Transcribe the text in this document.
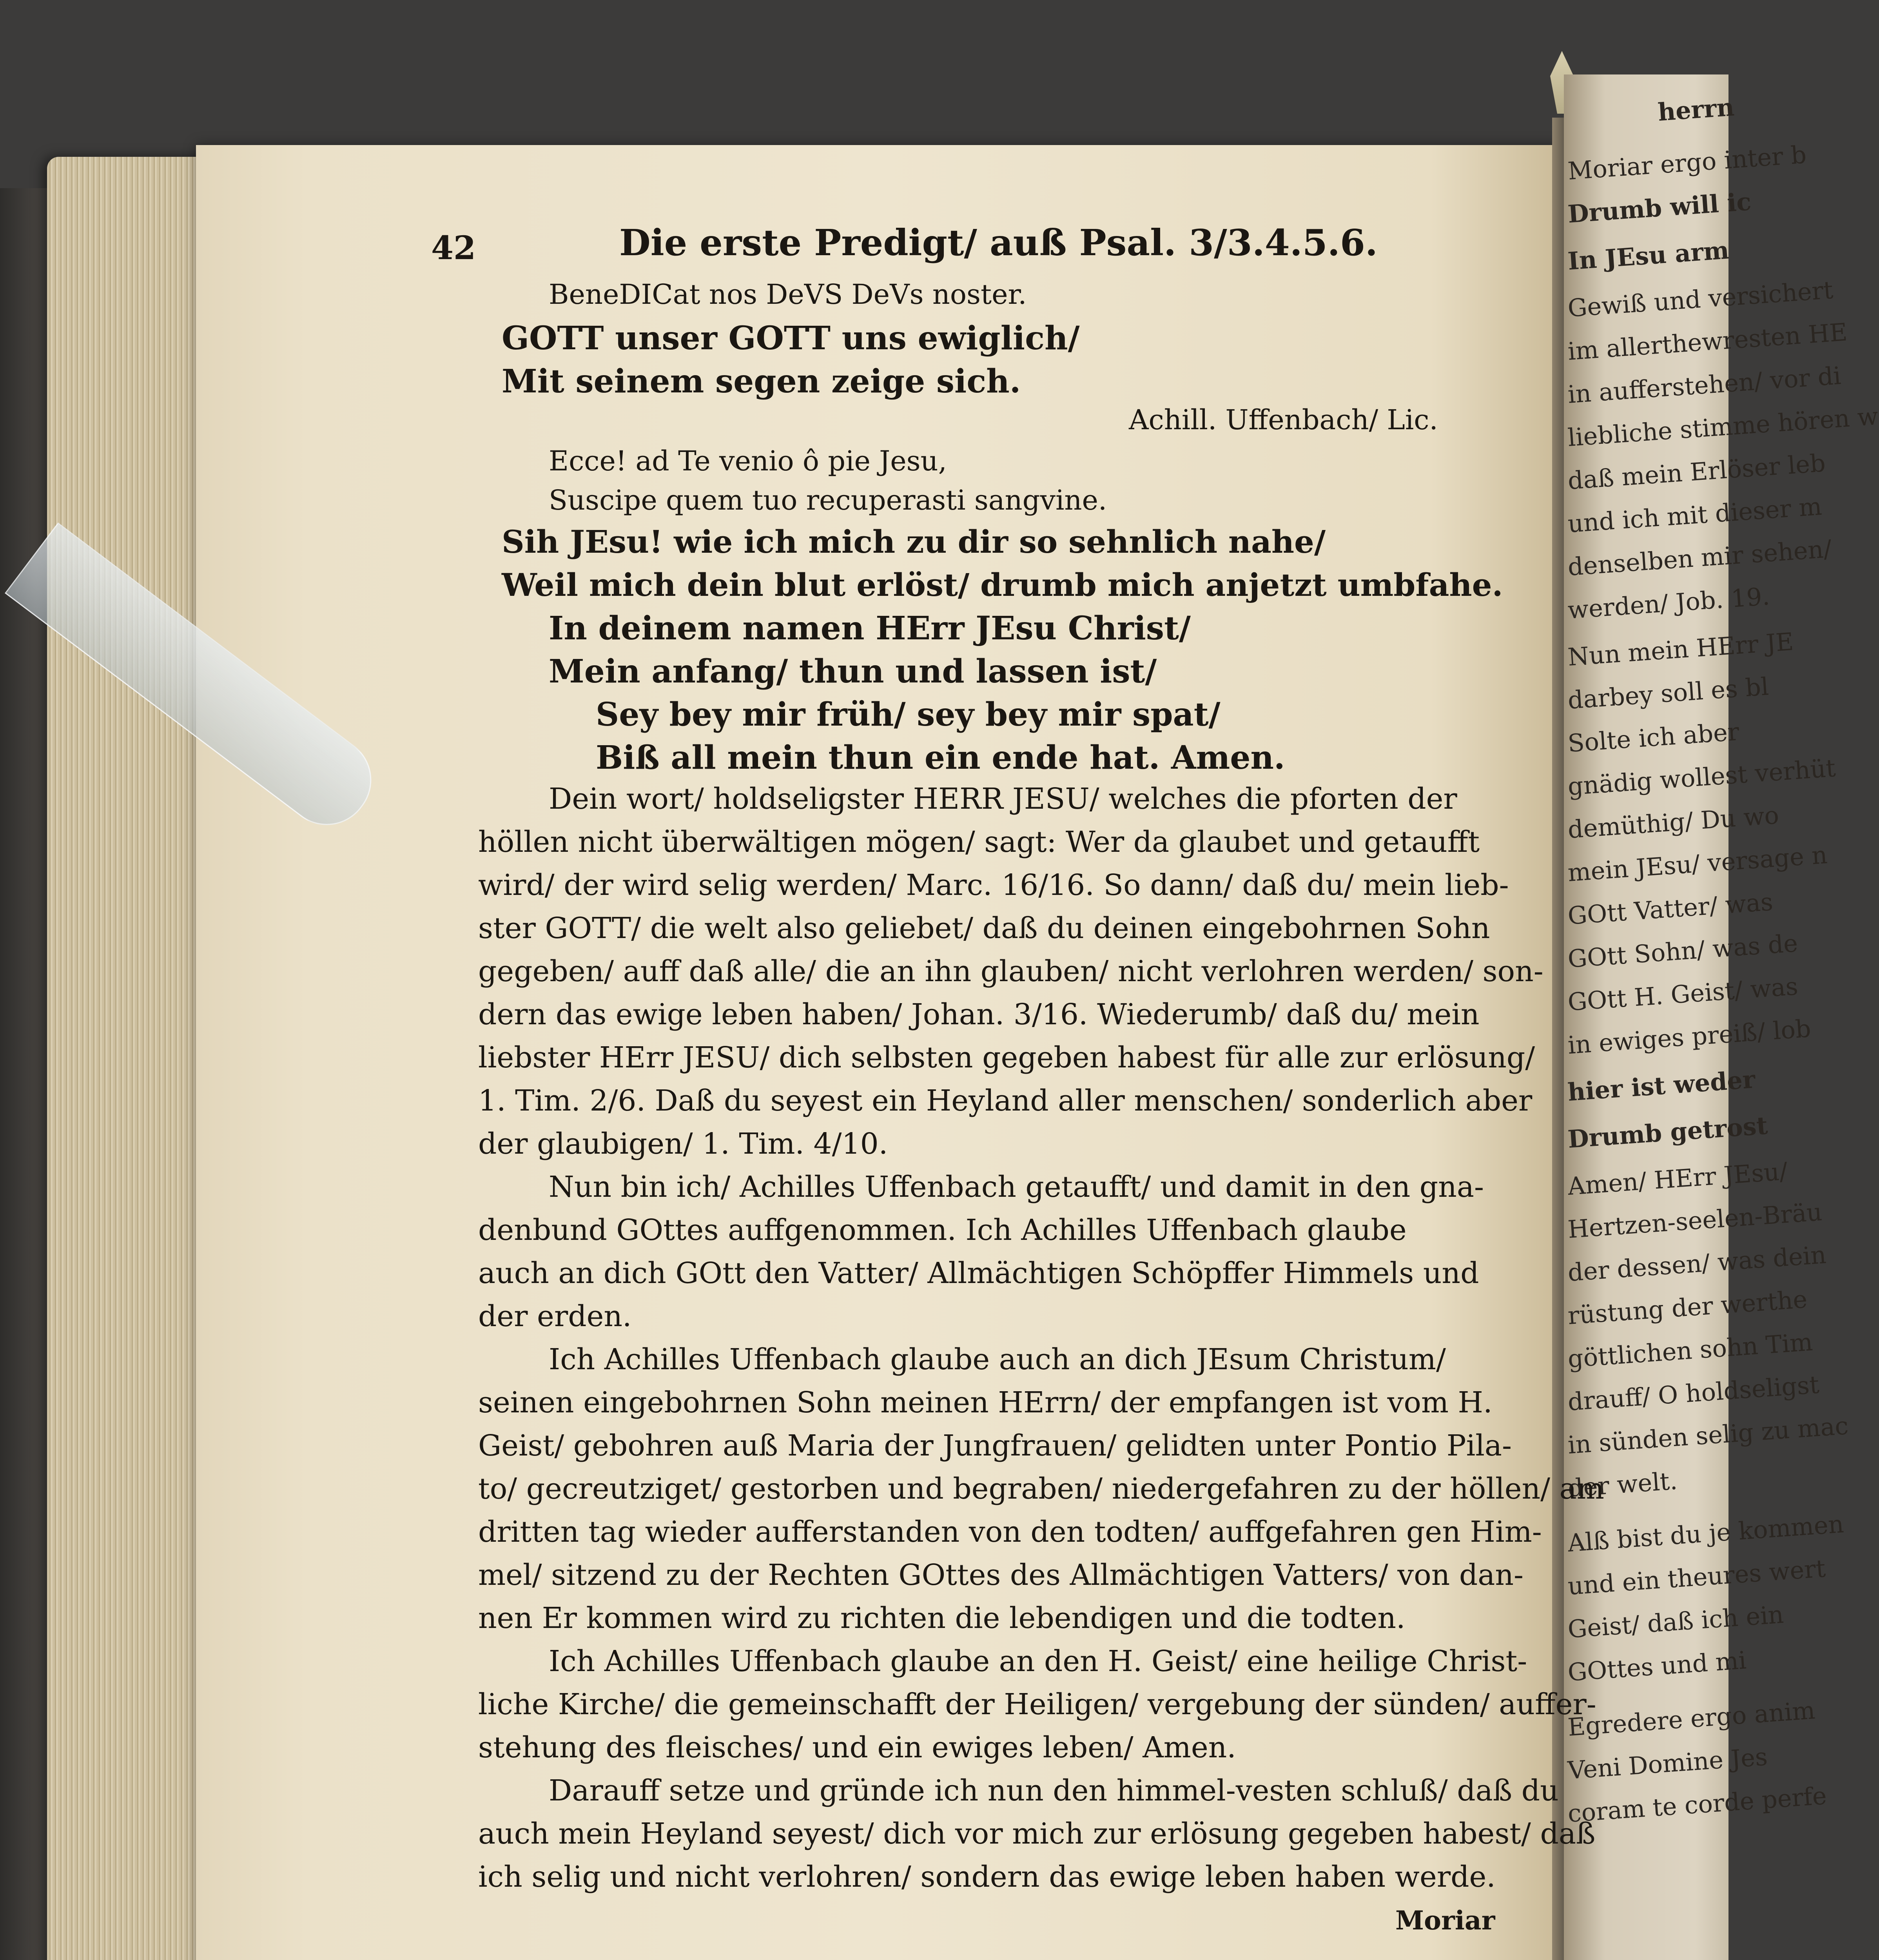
herrn
Moriar ergo inter b
Drumb will ic
In JEsu arm
Gewiß und versichert
im allerthewresten HE
in aufferstehen/ vor di
liebliche stimme hören w
daß mein Erlöser leb
und ich mit dieser m
denselben mir sehen/
werden/ Job. 19.
Nun mein HErr JE
darbey soll es bl
Solte ich aber
gnädig wollest verhüt
demüthig/ Du wo
mein JEsu/ versage n
GOtt Vatter/ was
GOtt Sohn/ was de
GOtt H. Geist/ was
in ewiges preiß/ lob
hier ist weder
Drumb getrost
Amen/ HErr JEsu/
Hertzen-seelen-Bräu
der dessen/ was dein
rüstung der werthe
göttlichen sohn Tim
drauff/ O holdseligst
in sünden selig zu mac
der welt.
Alß bist du je kommen
und ein theures wert
Geist/ daß ich ein
GOttes und mi
Egredere ergo anim
Veni Domine Jes
coram te corde perfe
42	Die erste Predigt/ auß Psal. 3/3.4.5.6.
BeneDICat nos DeVS DeVs noster.
GOTT unser GOTT uns ewiglich/
Mit seinem segen zeige sich.
Achill. Uffenbach/ Lic.
Ecce! ad Te venio ô pie Jesu,
Suscipe quem tuo recuperasti sangvine.
Sih JEsu! wie ich mich zu dir so sehnlich nahe/
Weil mich dein blut erlöst/ drumb mich anjetzt umbfahe.
In deinem namen HErr JEsu Christ/
Mein anfang/ thun und lassen ist/
Sey bey mir früh/ sey bey mir spat/
Biß all mein thun ein ende hat. Amen.
Dein wort/ holdseligster HERR JESU/ welches die pforten der
höllen nicht überwältigen mögen/ sagt: Wer da glaubet und getaufft
wird/ der wird selig werden/ Marc. 16/16. So dann/ daß du/ mein lieb-
ster GOTT/ die welt also geliebet/ daß du deinen eingebohrnen Sohn
gegeben/ auff daß alle/ die an ihn glauben/ nicht verlohren werden/ son-
dern das ewige leben haben/ Johan. 3/16. Wiederumb/ daß du/ mein
liebster HErr JESU/ dich selbsten gegeben habest für alle zur erlösung/
1. Tim. 2/6. Daß du seyest ein Heyland aller menschen/ sonderlich aber
der glaubigen/ 1. Tim. 4/10.
Nun bin ich/ Achilles Uffenbach getaufft/ und damit in den gna-
denbund GOttes auffgenommen. Ich Achilles Uffenbach glaube
auch an dich GOtt den Vatter/ Allmächtigen Schöpffer Himmels und
der erden.
Ich Achilles Uffenbach glaube auch an dich JEsum Christum/
seinen eingebohrnen Sohn meinen HErrn/ der empfangen ist vom H.
Geist/ gebohren auß Maria der Jungfrauen/ gelidten unter Pontio Pila-
to/ gecreutziget/ gestorben und begraben/ niedergefahren zu der höllen/ am
dritten tag wieder aufferstanden von den todten/ auffgefahren gen Him-
mel/ sitzend zu der Rechten GOttes des Allmächtigen Vatters/ von dan-
nen Er kommen wird zu richten die lebendigen und die todten.
Ich Achilles Uffenbach glaube an den H. Geist/ eine heilige Christ-
liche Kirche/ die gemeinschafft der Heiligen/ vergebung der sünden/ auffer-
stehung des fleisches/ und ein ewiges leben/ Amen.
Darauff setze und gründe ich nun den himmel-vesten schluß/ daß du
auch mein Heyland seyest/ dich vor mich zur erlösung gegeben habest/ daß
ich selig und nicht verlohren/ sondern das ewige leben haben werde.
Moriar
